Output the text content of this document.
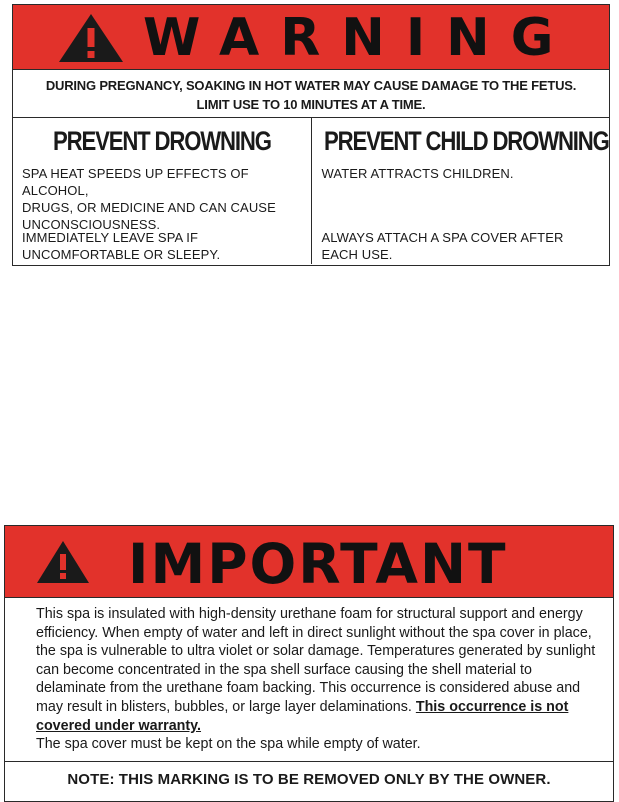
WARNING
DURING PREGNANCY, SOAKING IN HOT WATER MAY CAUSE DAMAGE TO THE FETUS.
LIMIT USE TO 10 MINUTES AT A TIME.
PREVENT DROWNING
SPA HEAT SPEEDS UP EFFECTS OF ALCOHOL,
DRUGS, OR MEDICINE AND CAN CAUSE
UNCONSCIOUSNESS.
IMMEDIATELY LEAVE SPA IF
UNCOMFORTABLE OR SLEEPY.
PREVENT CHILD DROWNING
WATER ATTRACTS CHILDREN.
ALWAYS ATTACH A SPA COVER AFTER
EACH USE.
IMPORTANT
This spa is insulated with high-density urethane foam for structural support and energy efficiency. When empty of water and left in direct sunlight without the spa cover in place, the spa is vulnerable to ultra violet or solar damage. Temperatures generated by sunlight can become concentrated in the spa shell surface causing the shell material to delaminate from the urethane foam backing. This occurrence is considered abuse and may result in blisters, bubbles, or large layer delaminations. This occurrence is not covered under warranty.
The spa cover must be kept on the spa while empty of water.
NOTE: THIS MARKING IS TO BE REMOVED ONLY BY THE OWNER.
